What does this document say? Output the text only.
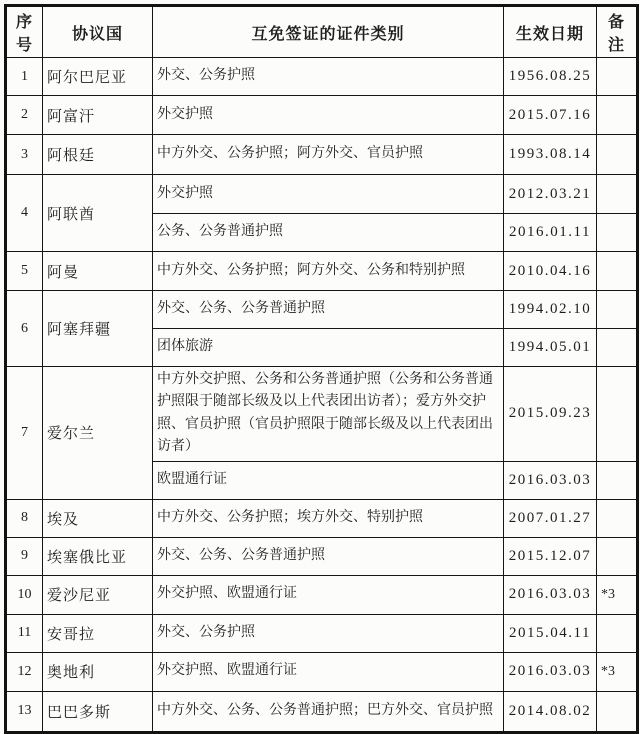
序号	协议国	互免签证的证件类别	生效日期	备注
1	阿尔巴尼亚	外交、公务护照	1956.08.25	
2	阿富汗	外交护照	2015.07.16	
3	阿根廷	中方外交、公务护照；阿方外交、官员护照	1993.08.14	
4	阿联酋	外交护照	2012.03.21	
		公务、公务普通护照	2016.01.11	
5	阿曼	中方外交、公务护照；阿方外交、公务和特别护照	2010.04.16	
6	阿塞拜疆	外交、公务、公务普通护照	1994.02.10	
		团体旅游	1994.05.01	
7	爱尔兰	中方外交护照、公务和公务普通护照（公务和公务普通护照限于随部长级及以上代表团出访者）；爱方外交护照、官员护照（官员护照限于随部长级及以上代表团出访者）	2015.09.23	
		欧盟通行证	2016.03.03	
8	埃及	中方外交、公务护照；埃方外交、特别护照	2007.01.27	
9	埃塞俄比亚	外交、公务、公务普通护照	2015.12.07	
10	爱沙尼亚	外交护照、欧盟通行证	2016.03.03	*3
11	安哥拉	外交、公务护照	2015.04.11	
12	奥地利	外交护照、欧盟通行证	2016.03.03	*3
13	巴巴多斯	中方外交、公务、公务普通护照；巴方外交、官员护照	2014.08.02	
